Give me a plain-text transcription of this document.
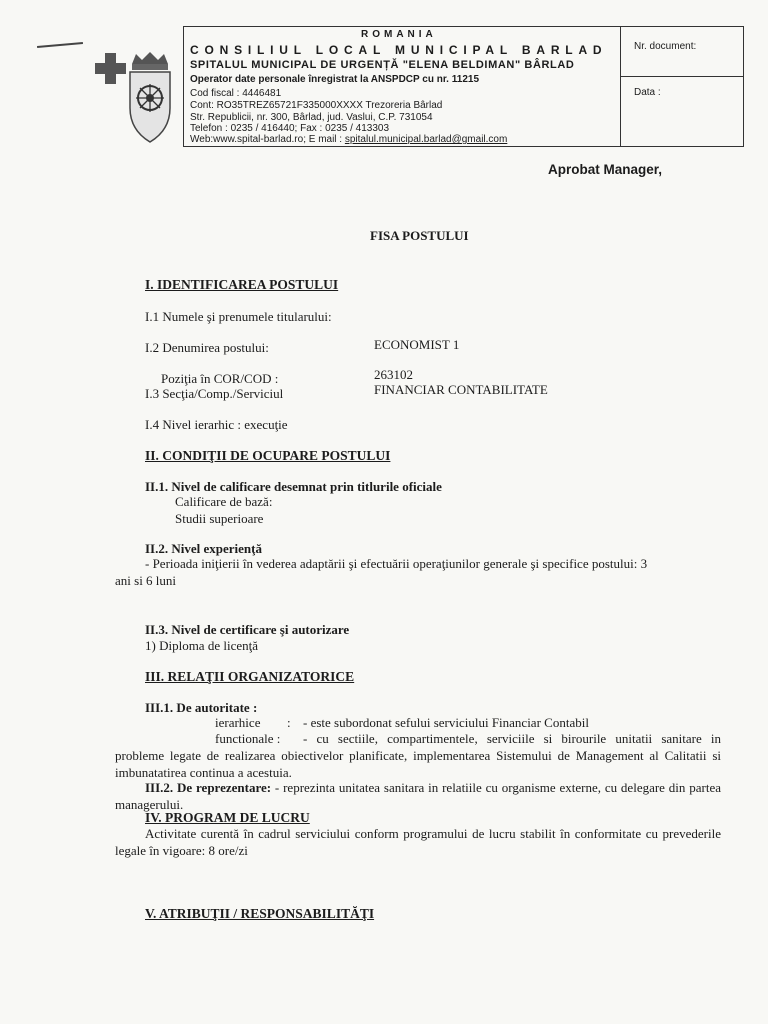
ROMANIA
CONSILIUL LOCAL MUNICIPAL BARLAD
SPITALUL MUNICIPAL DE URGENȚĂ "ELENA BELDIMAN" BÂRLAD
Operator date personale înregistrat la ANSPDCP cu nr. 11215
Cod fiscal : 4446481
Cont: RO35TREZ65721F335000XXXX Trezoreria Bârlad
Str. Republicii, nr. 300, Bârlad, jud. Vaslui, C.P. 731054
Telefon : 0235 / 416440; Fax : 0235 / 413303
Web:www.spital-barlad.ro; E mail : spitalul.municipal.barlad@gmail.com
Nr. document:
Data :
Aprobat Manager,
FISA POSTULUI
I. IDENTIFICAREA POSTULUI
I.1 Numele şi prenumele titularului:
I.2 Denumirea postului:	ECONOMIST 1
Poziţia în COR/COD :	263102
I.3 Secţia/Comp./Serviciul	FINANCIAR CONTABILITATE
I.4 Nivel ierarhic : execuţie
II. CONDIŢII DE OCUPARE POSTULUI
II.1. Nivel de calificare desemnat prin titlurile oficiale
Calificare de bază:
Studii superioare
II.2. Nivel experienţă
- Perioada iniţierii în vederea adaptării şi efectuării operaţiunilor generale şi specifice postului: 3
ani si 6 luni
II.3. Nivel de certificare şi autorizare
1) Diploma de licenţă
III. RELAŢII ORGANIZATORICE
III.1. De autoritate :
ierarhice : - este subordonat sefului serviciului Financiar Contabil
functionale : - cu sectiile, compartimentele, serviciile si birourile unitatii sanitare in
probleme legate de realizarea obiectivelor planificate, implementarea Sistemului de Management al Calitatii si imbunatatirea continua a acestuia.
III.2. De reprezentare: - reprezinta unitatea sanitara in relatiile cu organisme externe, cu delegare din partea managerului.
IV. PROGRAM DE LUCRU
Activitate curentă în cadrul serviciului conform programului de lucru stabilit în conformitate cu prevederile legale în vigoare: 8 ore/zi
V. ATRIBUŢII / RESPONSABILITĂŢI
